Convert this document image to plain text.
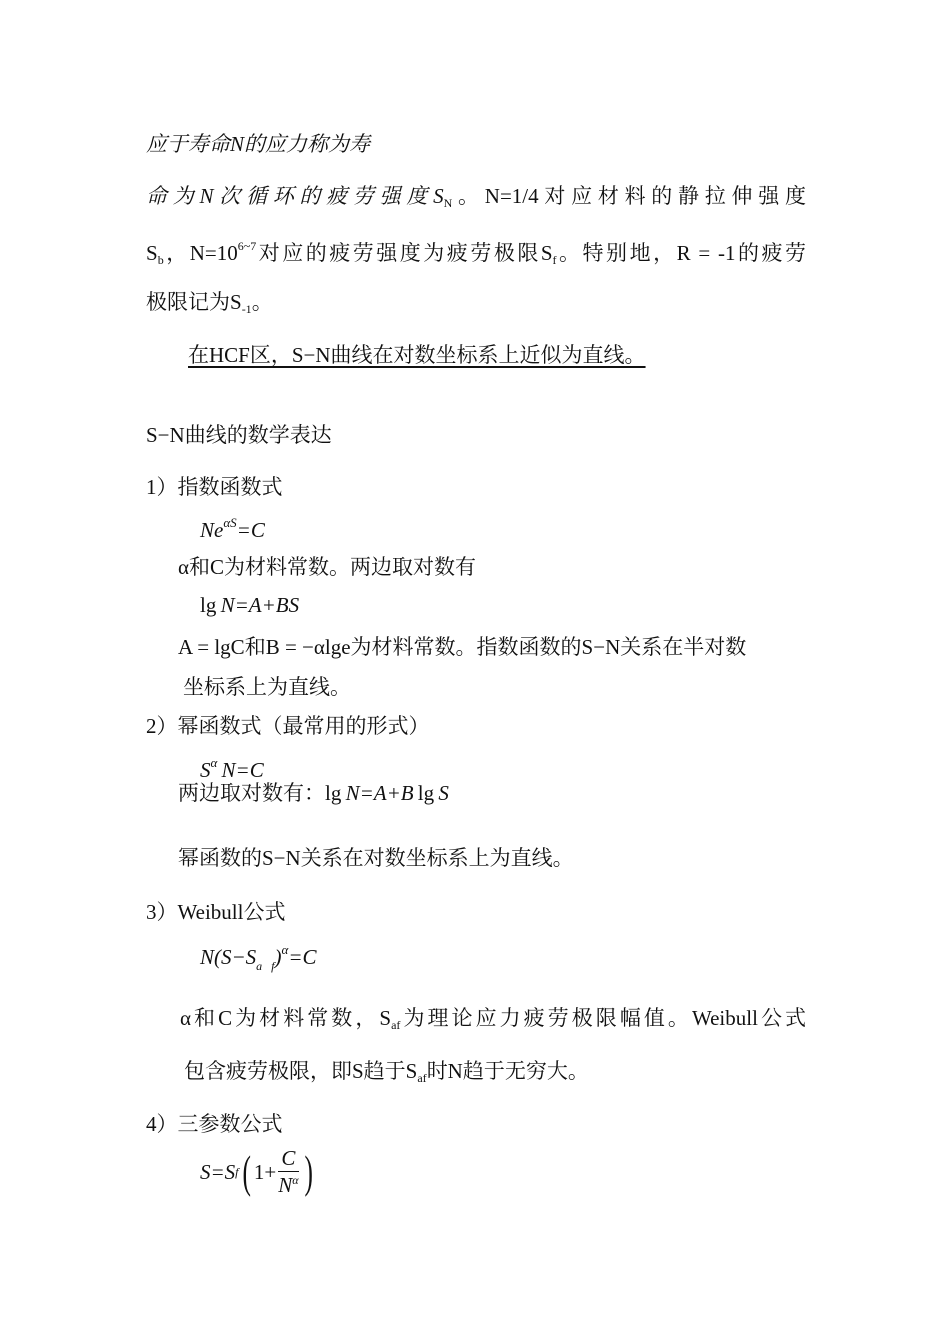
应于寿命N的应力称为寿
命为N次循环的疲劳强度$S_N$。N=1/4对应材料的静拉伸强度
$S_b$，$N=10^{6\sim 7}$对应的疲劳强度为疲劳极限$S_f$。特别地，R = -1的疲劳
极限记为$S_{-1}$。
在HCF区，S−N曲线在对数坐标系上近似为直线。
S−N曲线的数学表达
1）指数函数式
$Ne^{\alpha S}=C$
α和C为材料常数。两边取对数有
lg  N=A+BS
A = lgC和B = −αlge为材料常数。指数函数的S−N关系在半对数
坐标系上为直线。
2）幂函数式（最常用的形式）
$S^\alpha$  N=C
两边取对数有：lg  N=A+B  lg  S
幂函数的S−N关系在对数坐标系上为直线。
3）Weibull公式
$N(S-S_{a f})^\alpha=C$
α和C为材料常数，$S_{af}$为理论应力疲劳极限幅值。Weibull公式
包含疲劳极限，即S趋于$S_{af}$时N趋于无穷大。
4）三参数公式
S=S f ( $1+ \frac{C}{N^\alpha}$ )
